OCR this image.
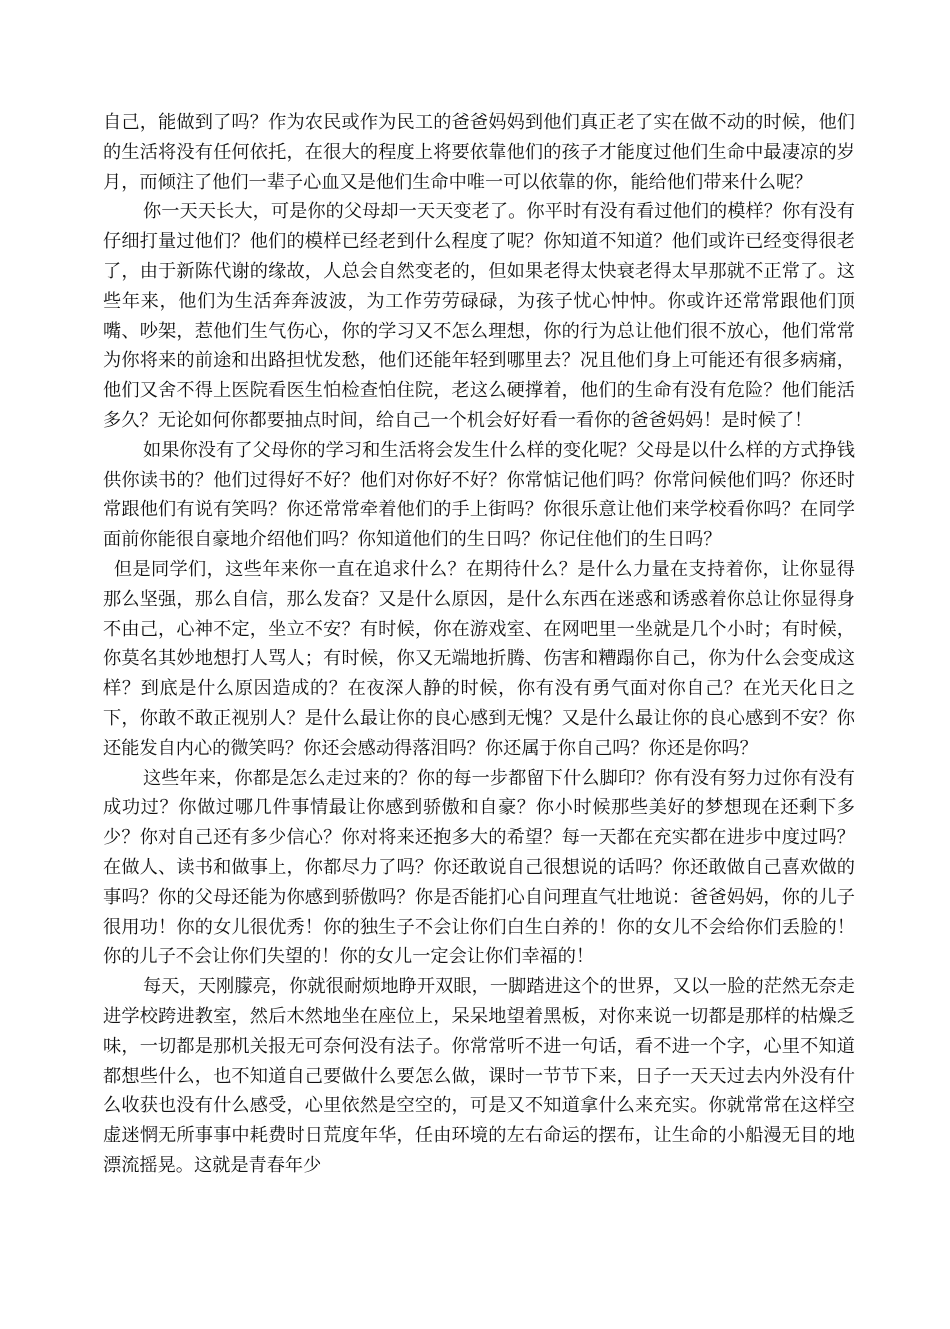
自己，能做到了吗？作为农民或作为民工的爸爸妈妈到他们真正老了实在做不动的时候，他们的生活将没有任何依托，在很大的程度上将要依靠他们的孩子才能度过他们生命中最凄凉的岁月，而倾注了他们一辈子心血又是他们生命中唯一可以依靠的你，能给他们带来什么呢？

你一天天长大，可是你的父母却一天天变老了。你平时有没有看过他们的模样？你有没有仔细打量过他们？他们的模样已经老到什么程度了呢？你知道不知道？他们或许已经变得很老了，由于新陈代谢的缘故，人总会自然变老的，但如果老得太快衰老得太早那就不正常了。这些年来，他们为生活奔奔波波，为工作劳劳碌碌，为孩子忧心忡忡。你或许还常常跟他们顶嘴、吵架，惹他们生气伤心，你的学习又不怎么理想，你的行为总让他们很不放心，他们常常为你将来的前途和出路担忧发愁，他们还能年轻到哪里去？况且他们身上可能还有很多病痛，他们又舍不得上医院看医生怕检查怕住院，老这么硬撑着，他们的生命有没有危险？他们能活多久？无论如何你都要抽点时间，给自己一个机会好好看一看你的爸爸妈妈！是时候了！

如果你没有了父母你的学习和生活将会发生什么样的变化呢？父母是以什么样的方式挣钱供你读书的？他们过得好不好？他们对你好不好？你常惦记他们吗？你常问候他们吗？你还时常跟他们有说有笑吗？你还常常牵着他们的手上街吗？你很乐意让他们来学校看你吗？在同学面前你能很自豪地介绍他们吗？你知道他们的生日吗？你记住他们的生日吗？

但是同学们，这些年来你一直在追求什么？在期待什么？是什么力量在支持着你，让你显得那么坚强，那么自信，那么发奋？又是什么原因，是什么东西在迷惑和诱惑着你总让你显得身不由己，心神不定，坐立不安？有时候，你在游戏室、在网吧里一坐就是几个小时；有时候，你莫名其妙地想打人骂人；有时候，你又无端地折腾、伤害和糟蹋你自己，你为什么会变成这样？到底是什么原因造成的？在夜深人静的时候，你有没有勇气面对你自己？在光天化日之下，你敢不敢正视别人？是什么最让你的良心感到无愧？又是什么最让你的良心感到不安？你还能发自内心的微笑吗？你还会感动得落泪吗？你还属于你自己吗？你还是你吗？

这些年来，你都是怎么走过来的？你的每一步都留下什么脚印？你有没有努力过你有没有成功过？你做过哪几件事情最让你感到骄傲和自豪？你小时候那些美好的梦想现在还剩下多少？你对自己还有多少信心？你对将来还抱多大的希望？每一天都在充实都在进步中度过吗？在做人、读书和做事上，你都尽力了吗？你还敢说自己很想说的话吗？你还敢做自己喜欢做的事吗？你的父母还能为你感到骄傲吗？你是否能扪心自问理直气壮地说：爸爸妈妈，你的儿子很用功！你的女儿很优秀！你的独生子不会让你们白生白养的！你的女儿不会给你们丢脸的！你的儿子不会让你们失望的！你的女儿一定会让你们幸福的！

每天，天刚朦亮，你就很耐烦地睁开双眼，一脚踏进这个的世界，又以一脸的茫然无奈走进学校跨进教室，然后木然地坐在座位上，呆呆地望着黑板，对你来说一切都是那样的枯燥乏味，一切都是那机关报无可奈何没有法子。你常常听不进一句话，看不进一个字，心里不知道都想些什么，也不知道自己要做什么要怎么做，课时一节节下来，日子一天天过去内外没有什么收获也没有什么感受，心里依然是空空的，可是又不知道拿什么来充实。你就常常在这样空虚迷惘无所事事中耗费时日荒度年华，任由环境的左右命运的摆布，让生命的小船漫无目的地漂流摇晃。这就是青春年少
